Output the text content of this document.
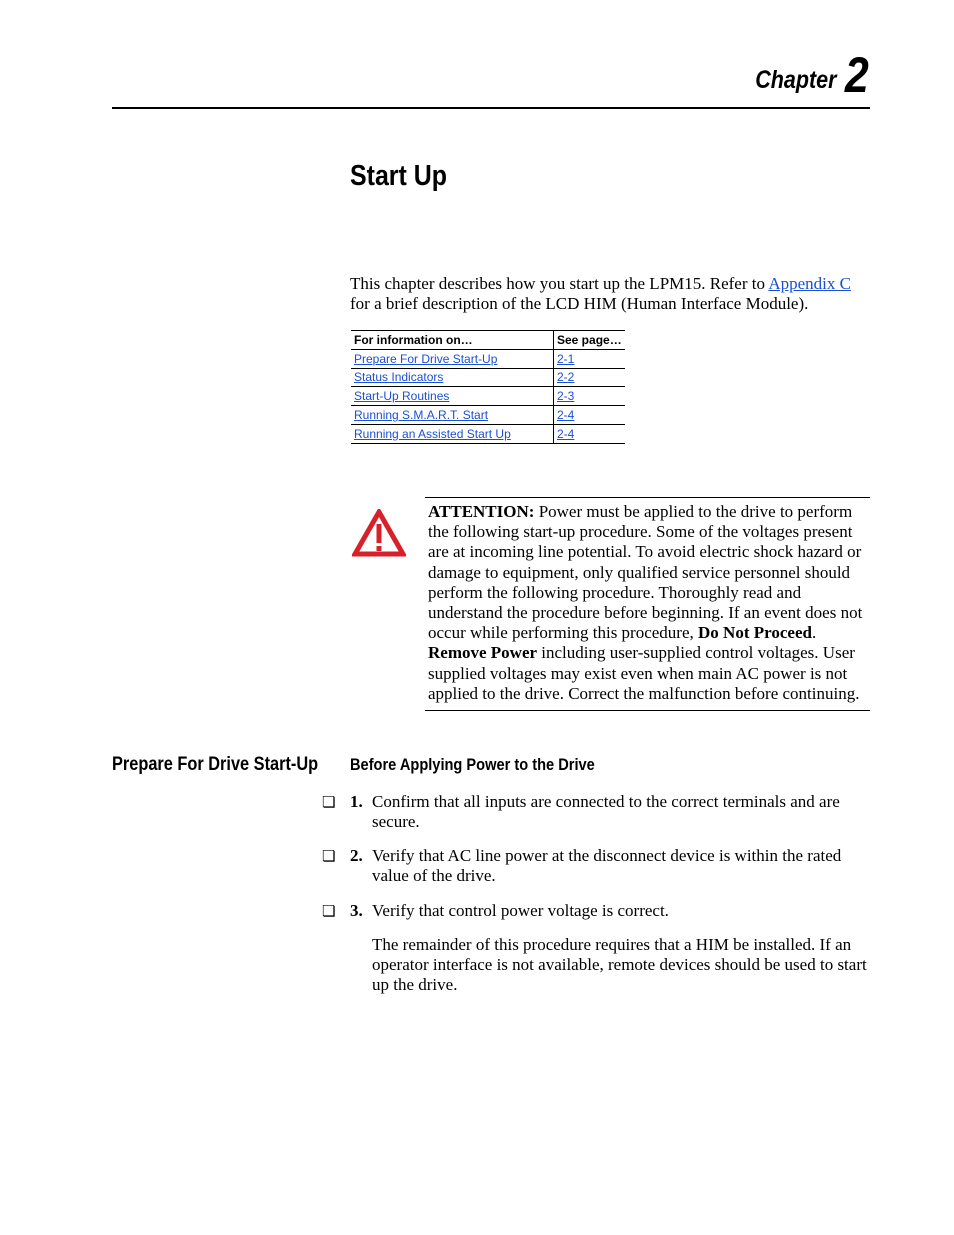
Chapter 2
Start Up
This chapter describes how you start up the LPM15. Refer to Appendix C for a brief description of the LCD HIM (Human Interface Module).
For information on…	See page…
Prepare For Drive Start-Up	2-1
Status Indicators	2-2
Start-Up Routines	2-3
Running S.M.A.R.T. Start	2-4
Running an Assisted Start Up	2-4
ATTENTION: Power must be applied to the drive to perform the following start-up procedure. Some of the voltages present are at incoming line potential. To avoid electric shock hazard or damage to equipment, only qualified service personnel should perform the following procedure. Thoroughly read and understand the procedure before beginning. If an event does not occur while performing this procedure, Do Not Proceed. Remove Power including user-supplied control voltages. User supplied voltages may exist even when main AC power is not applied to the drive. Correct the malfunction before continuing.
Prepare For Drive Start-Up Before Applying Power to the Drive
❏ 1. Confirm that all inputs are connected to the correct terminals and are secure.
❏ 2. Verify that AC line power at the disconnect device is within the rated value of the drive.
❏ 3. Verify that control power voltage is correct.
The remainder of this procedure requires that a HIM be installed. If an operator interface is not available, remote devices should be used to start up the drive.
